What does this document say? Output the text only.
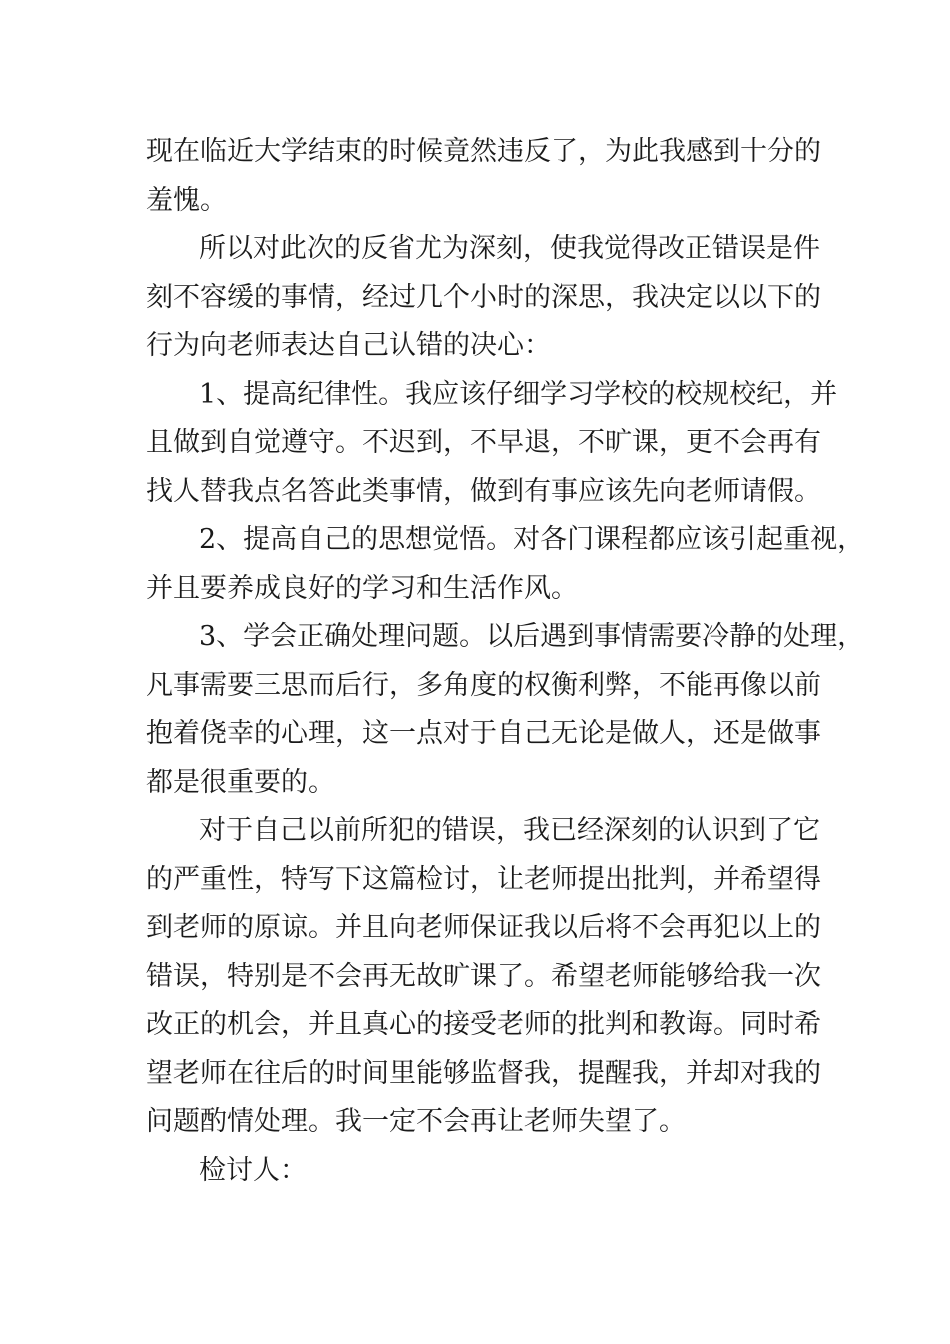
现在临近大学结束的时候竟然违反了，为此我感到十分的
羞愧。
所以对此次的反省尤为深刻，使我觉得改正错误是件
刻不容缓的事情，经过几个小时的深思，我决定以以下的
行为向老师表达自己认错的决心：
1、提高纪律性。我应该仔细学习学校的校规校纪，并
且做到自觉遵守。不迟到，不早退，不旷课，更不会再有
找人替我点名答此类事情，做到有事应该先向老师请假。
2、提高自己的思想觉悟。对各门课程都应该引起重视，
并且要养成良好的学习和生活作风。
3、学会正确处理问题。以后遇到事情需要冷静的处理，
凡事需要三思而后行，多角度的权衡利弊，不能再像以前
抱着侥幸的心理，这一点对于自己无论是做人，还是做事
都是很重要的。
对于自己以前所犯的错误，我已经深刻的认识到了它
的严重性，特写下这篇检讨，让老师提出批判，并希望得
到老师的原谅。并且向老师保证我以后将不会再犯以上的
错误，特别是不会再无故旷课了。希望老师能够给我一次
改正的机会，并且真心的接受老师的批判和教诲。同时希
望老师在往后的时间里能够监督我，提醒我，并却对我的
问题酌情处理。我一定不会再让老师失望了。
检讨人：
